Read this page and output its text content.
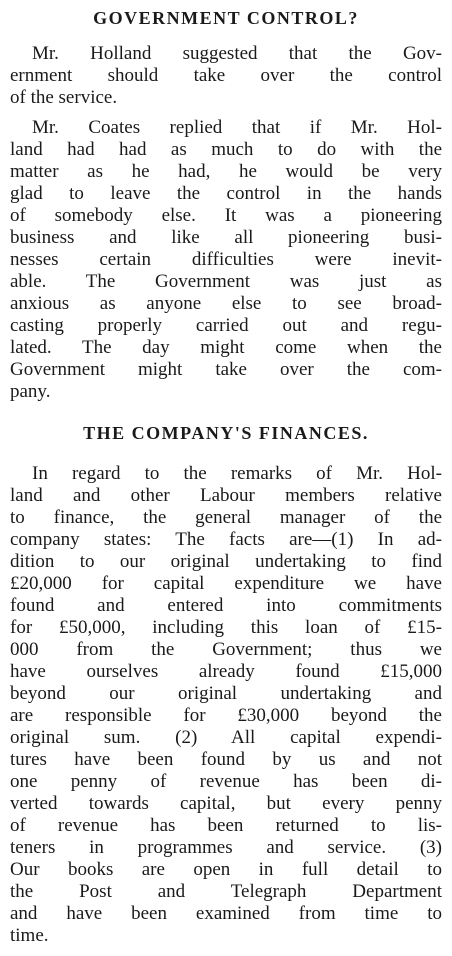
GOVERNMENT CONTROL?
Mr. Holland suggested that the Gov-
ernment should take over the control
of the service.
Mr. Coates replied that if Mr. Hol-
land had had as much to do with the
matter as he had, he would be very
glad to leave the control in the hands
of somebody else. It was a pioneering
business and like all pioneering busi-
nesses certain difficulties were inevit-
able. The Government was just as
anxious as anyone else to see broad-
casting properly carried out and regu-
lated. The day might come when the
Government might take over the com-
pany.
THE COMPANY'S FINANCES.
In regard to the remarks of Mr. Hol-
land and other Labour members relative
to finance, the general manager of the
company states: The facts are—(1) In ad-
dition to our original undertaking to find
£20,000 for capital expenditure we have
found and entered into commitments
for £50,000, including this loan of £15-
000 from the Government; thus we
have ourselves already found £15,000
beyond our original undertaking and
are responsible for £30,000 beyond the
original sum. (2) All capital expendi-
tures have been found by us and not
one penny of revenue has been di-
verted towards capital, but every penny
of revenue has been returned to lis-
teners in programmes and service. (3)
Our books are open in full detail to
the Post and Telegraph Department
and have been examined from time to
time.
